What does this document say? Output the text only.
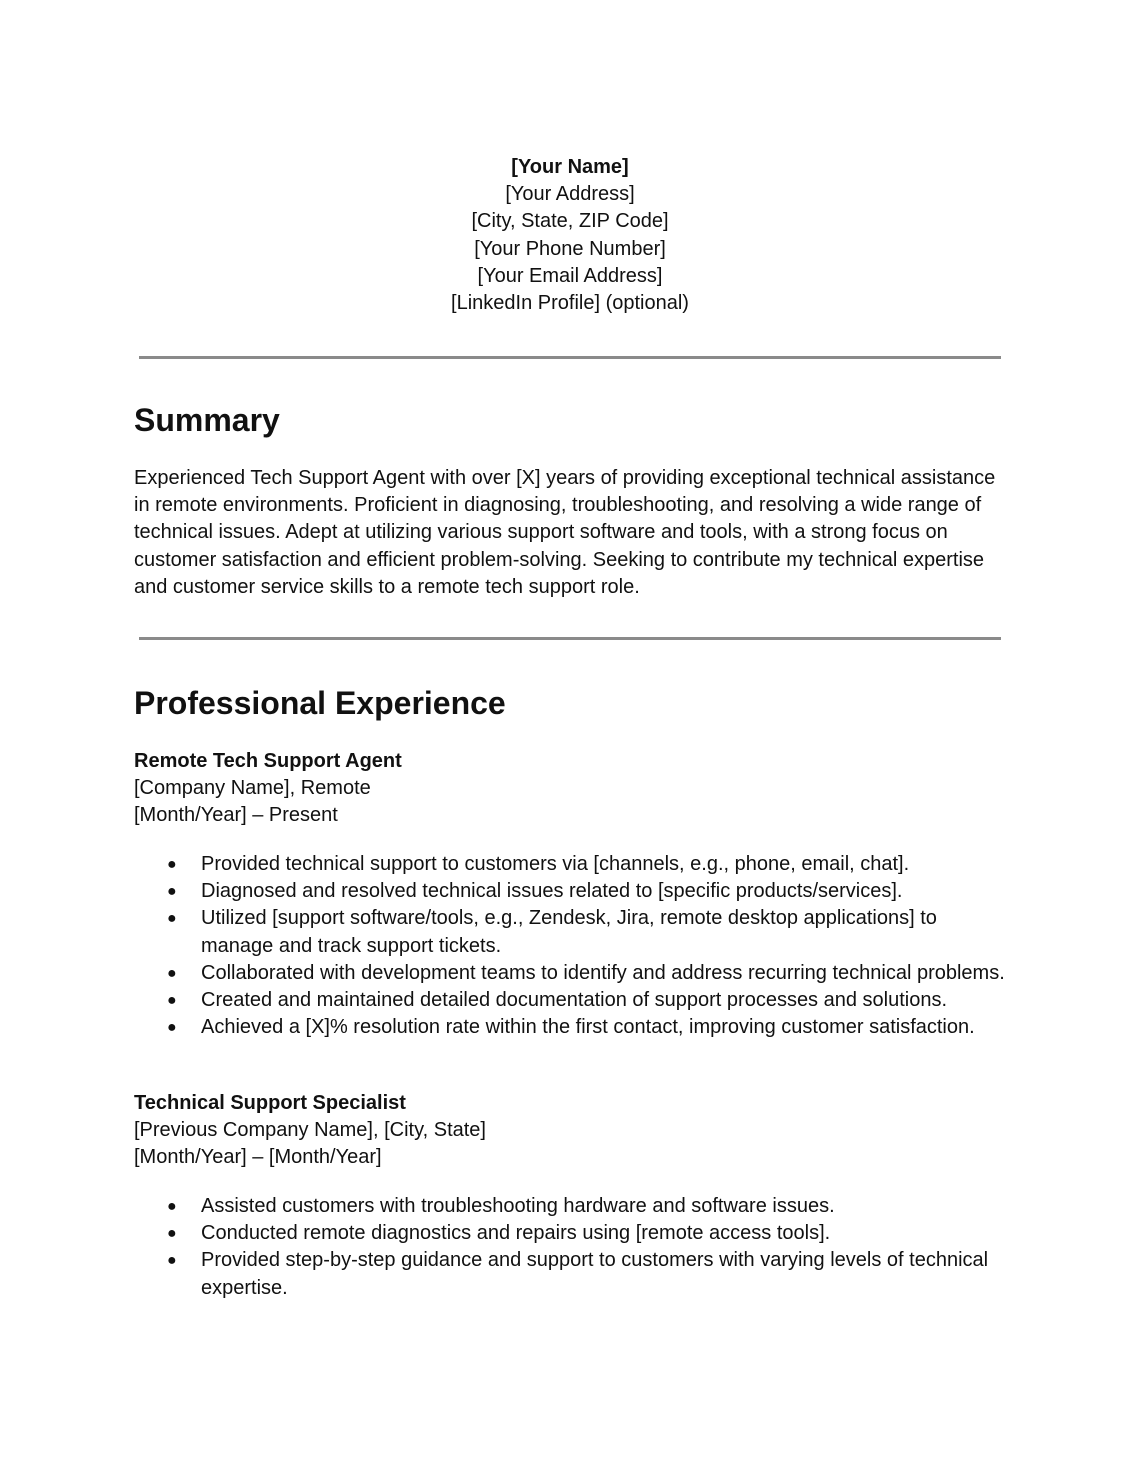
[Your Name]
[Your Address]
[City, State, ZIP Code]
[Your Phone Number]
[Your Email Address]
[LinkedIn Profile] (optional)
Summary

Experienced Tech Support Agent with over [X] years of providing exceptional technical assistance in remote environments. Proficient in diagnosing, troubleshooting, and resolving a wide range of technical issues. Adept at utilizing various support software and tools, with a strong focus on customer satisfaction and efficient problem-solving. Seeking to contribute my technical expertise and customer service skills to a remote tech support role.

Professional Experience
Remote Tech Support Agent
[Company Name], Remote
[Month/Year] – Present
● Provided technical support to customers via [channels, e.g., phone, email, chat].
● Diagnosed and resolved technical issues related to [specific products/services].
● Utilized [support software/tools, e.g., Zendesk, Jira, remote desktop applications] to manage and track support tickets.
● Collaborated with development teams to identify and address recurring technical problems.
● Created and maintained detailed documentation of support processes and solutions.
● Achieved a [X]% resolution rate within the first contact, improving customer satisfaction.
Technical Support Specialist
[Previous Company Name], [City, State]
[Month/Year] – [Month/Year]
● Assisted customers with troubleshooting hardware and software issues.
● Conducted remote diagnostics and repairs using [remote access tools].
● Provided step-by-step guidance and support to customers with varying levels of technical expertise.
